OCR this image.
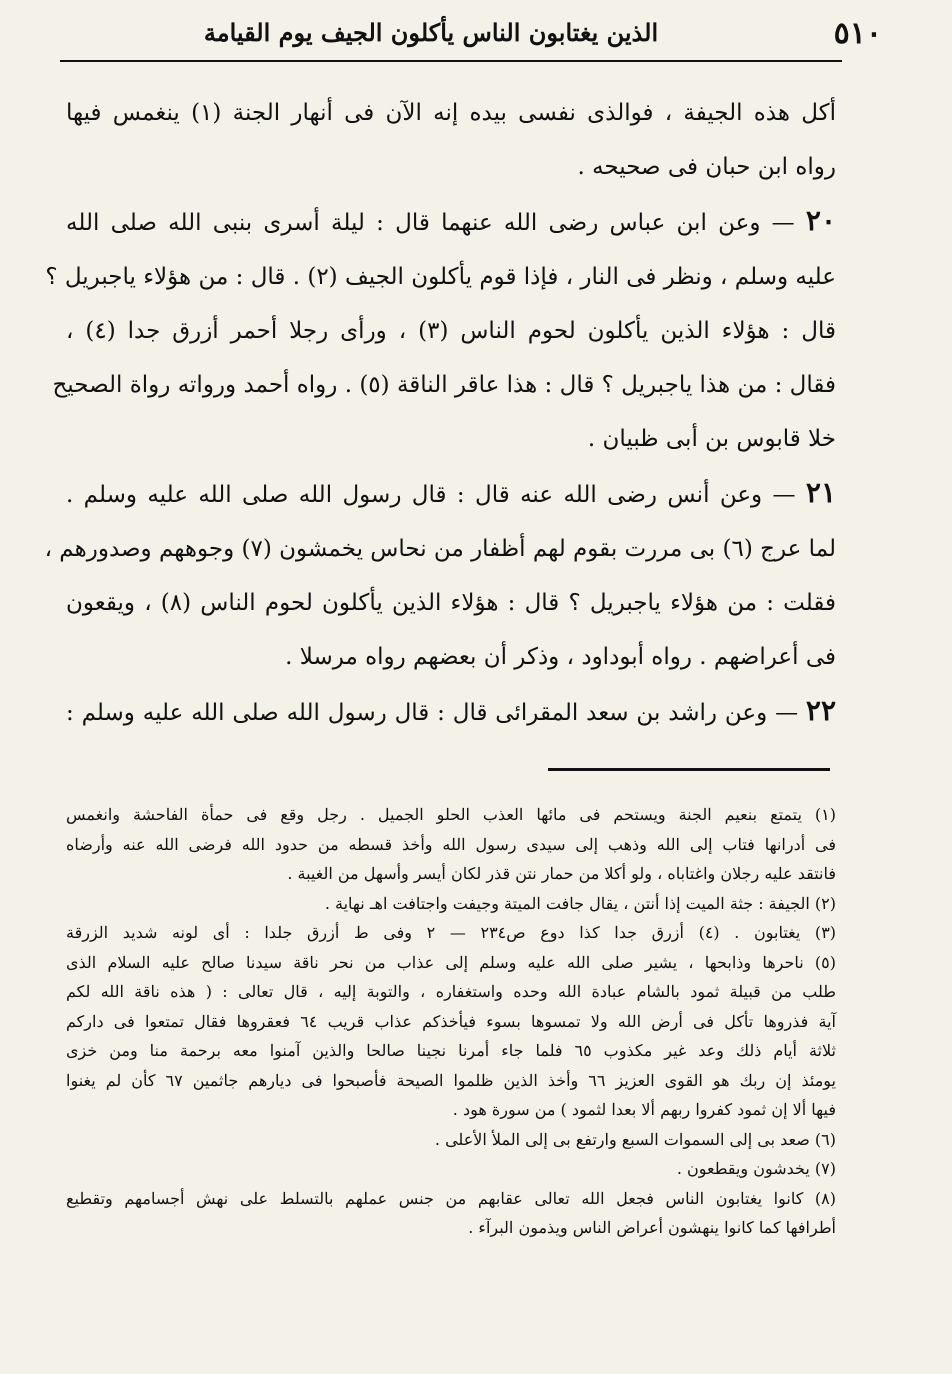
٥١٠
الذين يغتابون الناس يأكلون الجيف يوم القيامة
أكل هذه الجيفة ، فوالذى نفسى بيده إنه الآن فى أنهار الجنة (١) ينغمس فيها
رواه ابن حبان فى صحيحه .
٢٠ — وعن ابن عباس رضى الله عنهما قال : ليلة أسرى بنبى الله صلى الله
عليه وسلم ، ونظر فى النار ، فإذا قوم يأكلون الجيف (٢) . قال : من هؤلاء ياجبريل ؟
قال : هؤلاء الذين يأكلون لحوم الناس (٣) ، ورأى رجلا أحمر أزرق جدا (٤) ،
فقال : من هذا ياجبريل ؟ قال : هذا عاقر الناقة (٥) . رواه أحمد ورواته رواة الصحيح
خلا قابوس بن أبى ظبيان .
٢١ — وعن أنس رضى الله عنه قال : قال رسول الله صلى الله عليه وسلم .
لما عرج (٦) بى مررت بقوم لهم أظفار من نحاس يخمشون (٧) وجوههم وصدورهم ،
فقلت : من هؤلاء ياجبريل ؟ قال : هؤلاء الذين يأكلون لحوم الناس (٨) ، ويقعون
فى أعراضهم . رواه أبوداود ، وذكر أن بعضهم رواه مرسلا .
٢٢ — وعن راشد بن سعد المقرائى قال : قال رسول الله صلى الله عليه وسلم :
(١) يتمتع بنعيم الجنة ويستحم فى مائها العذب الحلو الجميل . رجل وقع فى حمأة الفاحشة وانغمس
فى أدرانها فتاب إلى الله وذهب إلى سيدى رسول الله وأخذ قسطه من حدود الله فرضى الله عنه وأرضاه
فانتقد عليه رجلان واغتاباه ، ولو أكلا من حمار نتن قذر لكان أيسر وأسهل من الغيبة .
(٢) الجيفة : جثة الميت إذا أنتن ، يقال جافت الميتة وجيفت واجتافت اهـ نهاية .
(٣) يغتابون . (٤) أزرق جدا كذا دوع ص٢٣٤ — ٢ وفى ط أزرق جلدا : أى لونه شديد الزرقة
(٥) ناحرها وذابحها ، يشير صلى الله عليه وسلم إلى عذاب من نحر ناقة سيدنا صالح عليه السلام الذى
طلب من قبيلة ثمود بالشام عبادة الله وحده واستغفاره ، والتوبة إليه ، قال تعالى : ( هذه ناقة الله لكم
آية فذروها تأكل فى أرض الله ولا تمسوها بسوء فيأخذكم عذاب قريب ٦٤ فعقروها فقال تمتعوا فى داركم
ثلاثة أيام ذلك وعد غير مكذوب ٦٥ فلما جاء أمرنا نجينا صالحا والذين آمنوا معه برحمة منا ومن خزى
يومئذ إن ربك هو القوى العزيز ٦٦ وأخذ الذين ظلموا الصيحة فأصبحوا فى ديارهم جاثمين ٦٧ كأن لم يغنوا
فيها ألا إن ثمود كفروا ربهم ألا بعدا لثمود ) من سورة هود .
(٦) صعد بى إلى السموات السبع وارتفع بى إلى الملأ الأعلى .
(٧) يخدشون ويقطعون .
(٨) كانوا يغتابون الناس فجعل الله تعالى عقابهم من جنس عملهم بالتسلط على نهش أجسامهم وتقطيع
أطرافها كما كانوا ينهشون أعراض الناس ويذمون البرآء .
